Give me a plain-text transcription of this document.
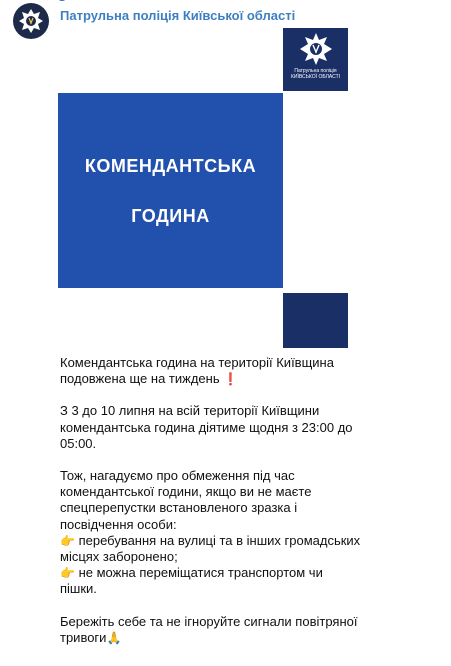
Патрульна поліція Київської області
Патрульна поліція
КИЇВСЬКОЇ ОБЛАСТІ
КОМЕНДАНТСЬКА
ГОДИНА

Комендантська година на території Київщина
подовжена ще на тиждень ❗

З 3 до 10 липня на всій території Київщини
комендантська година діятиме щодня з 23:00 до
05:00.

Тож, нагадуємо про обмеження під час
комендантської години, якщо ви не маєте
спецперепустки встановленого зразка і
посвідчення особи:
👉 перебування на вулиці та в інших громадських
місцях заборонено;
👉 не можна переміщатися транспортом чи
пішки.

Бережіть себе та не ігноруйте сигнали повітряної
тривоги🙏
